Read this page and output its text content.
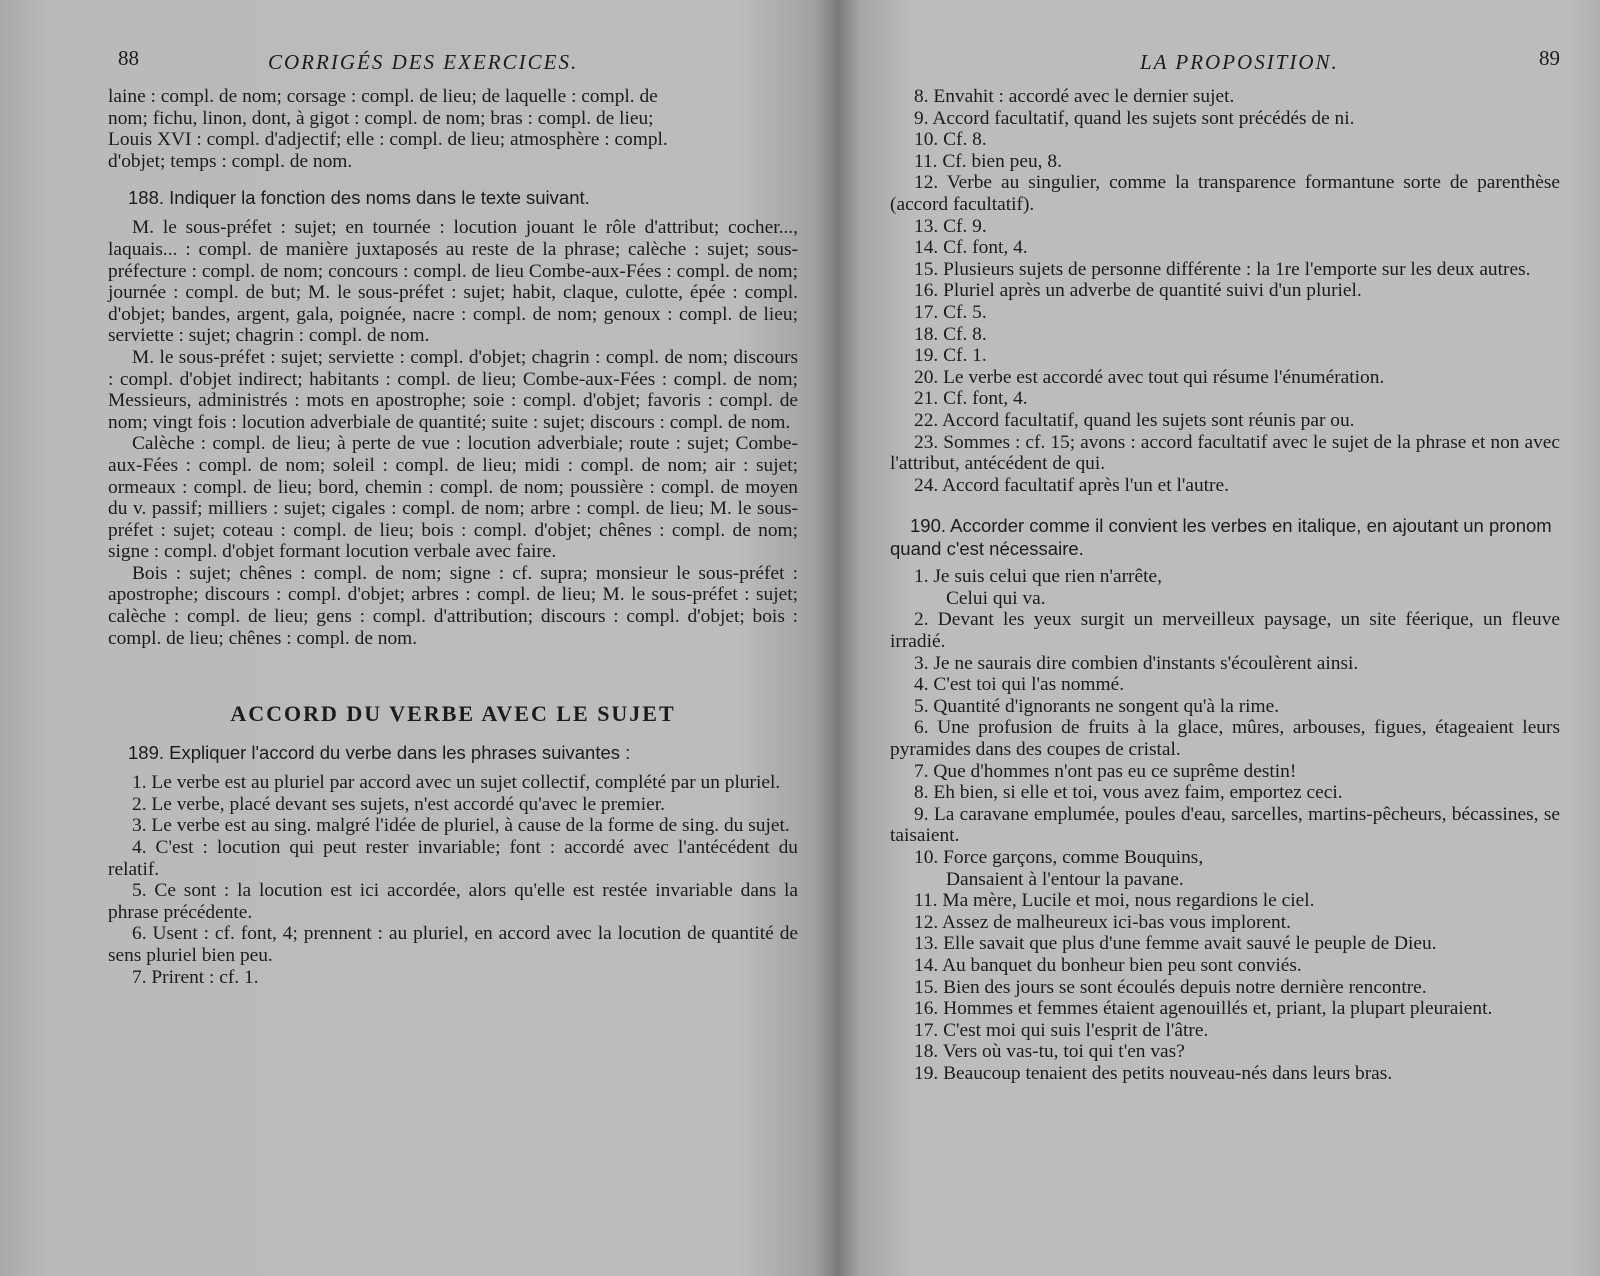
88	CORRIGÉS DES EXERCICES.

laine : compl. de nom; corsage : compl. de lieu; de laquelle : compl. de

nom; fichu, linon, dont, à gigot : compl. de nom; bras : compl. de lieu;

Louis XVI : compl. d'adjectif; elle : compl. de lieu; atmosphère : compl.

d'objet; temps : compl. de nom.

188. Indiquer la fonction des noms dans le texte suivant.

M. le sous-préfet : sujet; en tournée : locution jouant le rôle d'attribut; cocher..., laquais... : compl. de manière juxtaposés au reste de la phrase; calèche : sujet; sous-préfecture : compl. de nom; concours : compl. de lieu Combe-aux-Fées : compl. de nom; journée : compl. de but; M. le sous-préfet : sujet; habit, claque, culotte, épée : compl. d'objet; bandes, argent, gala, poignée, nacre : compl. de nom; genoux : compl. de lieu; serviette : sujet; chagrin : compl. de nom.

M. le sous-préfet : sujet; serviette : compl. d'objet; chagrin : compl. de nom; discours : compl. d'objet indirect; habitants : compl. de lieu; Combe-aux-Fées : compl. de nom; Messieurs, administrés : mots en apostrophe; soie : compl. d'objet; favoris : compl. de nom; vingt fois : locution adverbiale de quantité; suite : sujet; discours : compl. de nom.

Calèche : compl. de lieu; à perte de vue : locution adverbiale; route : sujet; Combe-aux-Fées : compl. de nom; soleil : compl. de lieu; midi : compl. de nom; air : sujet; ormeaux : compl. de lieu; bord, chemin : compl. de nom; poussière : compl. de moyen du v. passif; milliers : sujet; cigales : compl. de nom; arbre : compl. de lieu; M. le sous-préfet : sujet; coteau : compl. de lieu; bois : compl. d'objet; chênes : compl. de nom; signe : compl. d'objet formant locution verbale avec faire.

Bois : sujet; chênes : compl. de nom; signe : cf. supra; monsieur le sous-préfet : apostrophe; discours : compl. d'objet; arbres : compl. de lieu; M. le sous-préfet : sujet; calèche : compl. de lieu; gens : compl. d'attribution; discours : compl. d'objet; bois : compl. de lieu; chênes : compl. de nom.

ACCORD DU VERBE AVEC LE SUJET
189. Expliquer l'accord du verbe dans les phrases suivantes :

1. Le verbe est au pluriel par accord avec un sujet collectif, complété par un pluriel.

2. Le verbe, placé devant ses sujets, n'est accordé qu'avec le premier.

3. Le verbe est au sing. malgré l'idée de pluriel, à cause de la forme de sing. du sujet.

4. C'est : locution qui peut rester invariable; font : accordé avec l'antécédent du relatif.

5. Ce sont : la locution est ici accordée, alors qu'elle est restée invariable dans la phrase précédente.

6. Usent : cf. font, 4; prennent : au pluriel, en accord avec la locution de quantité de sens pluriel bien peu.

7. Prirent : cf. 1.

LA PROPOSITION.	89

8. Envahit : accordé avec le dernier sujet.

9. Accord facultatif, quand les sujets sont précédés de ni.

10. Cf. 8.

11. Cf. bien peu, 8.

12. Verbe au singulier, comme la transparence formantune sorte de parenthèse (accord facultatif).

13. Cf. 9.

14. Cf. font, 4.

15. Plusieurs sujets de personne différente : la 1re l'emporte sur les deux autres.

16. Pluriel après un adverbe de quantité suivi d'un pluriel.

17. Cf. 5.

18. Cf. 8.

19. Cf. 1.

20. Le verbe est accordé avec tout qui résume l'énumération.

21. Cf. font, 4.

22. Accord facultatif, quand les sujets sont réunis par ou.

23. Sommes : cf. 15; avons : accord facultatif avec le sujet de la phrase et non avec l'attribut, antécédent de qui.

24. Accord facultatif après l'un et l'autre.

190. Accorder comme il convient les verbes en italique, en ajoutant un pronom quand c'est nécessaire.

1. Je suis celui que rien n'arrête,

Celui qui va.

2. Devant les yeux surgit un merveilleux paysage, un site féerique, un fleuve irradié.

3. Je ne saurais dire combien d'instants s'écoulèrent ainsi.

4. C'est toi qui l'as nommé.

5. Quantité d'ignorants ne songent qu'à la rime.

6. Une profusion de fruits à la glace, mûres, arbouses, figues, étageaient leurs pyramides dans des coupes de cristal.

7. Que d'hommes n'ont pas eu ce suprême destin!

8. Eh bien, si elle et toi, vous avez faim, emportez ceci.

9. La caravane emplumée, poules d'eau, sarcelles, martins-pêcheurs, bécassines, se taisaient.

10. Force garçons, comme Bouquins,

Dansaient à l'entour la pavane.

11. Ma mère, Lucile et moi, nous regardions le ciel.

12. Assez de malheureux ici-bas vous implorent.

13. Elle savait que plus d'une femme avait sauvé le peuple de Dieu.

14. Au banquet du bonheur bien peu sont conviés.

15. Bien des jours se sont écoulés depuis notre dernière rencontre.

16. Hommes et femmes étaient agenouillés et, priant, la plupart pleuraient.

17. C'est moi qui suis l'esprit de l'âtre.

18. Vers où vas-tu, toi qui t'en vas?

19. Beaucoup tenaient des petits nouveau-nés dans leurs bras.
